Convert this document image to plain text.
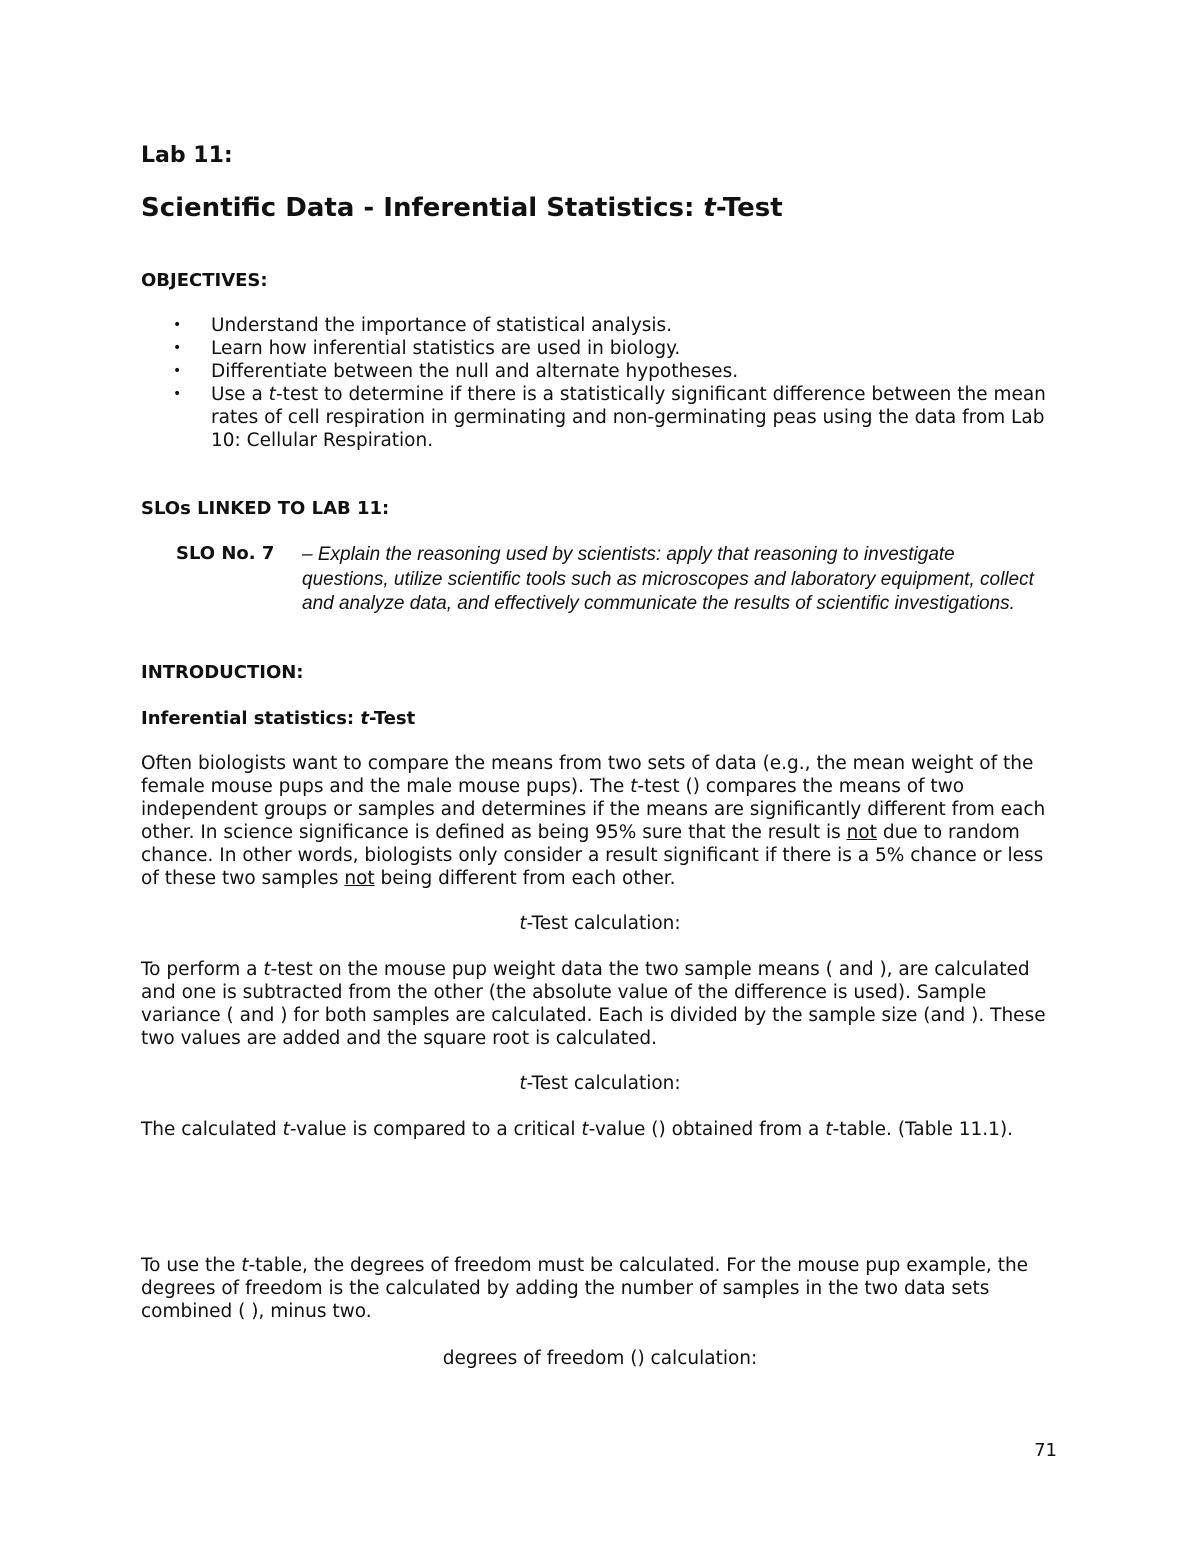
Lab 11:
Scientific Data - Inferential Statistics: t-Test
OBJECTIVES:
• Understand the importance of statistical analysis.
• Learn how inferential statistics are used in biology.
• Differentiate between the null and alternate hypotheses.
• Use a t-test to determine if there is a statistically significant difference between the mean rates of cell respiration in germinating and non-germinating peas using the data from Lab 10: Cellular Respiration.
SLOs LINKED TO LAB 11:
SLO No. 7 – Explain the reasoning used by scientists: apply that reasoning to investigate questions, utilize scientific tools such as microscopes and laboratory equipment, collect and analyze data, and effectively communicate the results of scientific investigations.
INTRODUCTION:
Inferential statistics: t-Test
Often biologists want to compare the means from two sets of data (e.g., the mean weight of the female mouse pups and the male mouse pups). The t-test () compares the means of two independent groups or samples and determines if the means are significantly different from each other. In science significance is defined as being 95% sure that the result is not due to random chance. In other words, biologists only consider a result significant if there is a 5% chance or less of these two samples not being different from each other.
t-Test calculation:
To perform a t-test on the mouse pup weight data the two sample means ( and ), are calculated and one is subtracted from the other (the absolute value of the difference is used). Sample variance ( and ) for both samples are calculated. Each is divided by the sample size (and ). These two values are added and the square root is calculated.
t-Test calculation:
The calculated t-value is compared to a critical t-value () obtained from a t-table. (Table 11.1).
To use the t-table, the degrees of freedom must be calculated. For the mouse pup example, the degrees of freedom is the calculated by adding the number of samples in the two data sets combined ( ), minus two.
degrees of freedom () calculation:
71
